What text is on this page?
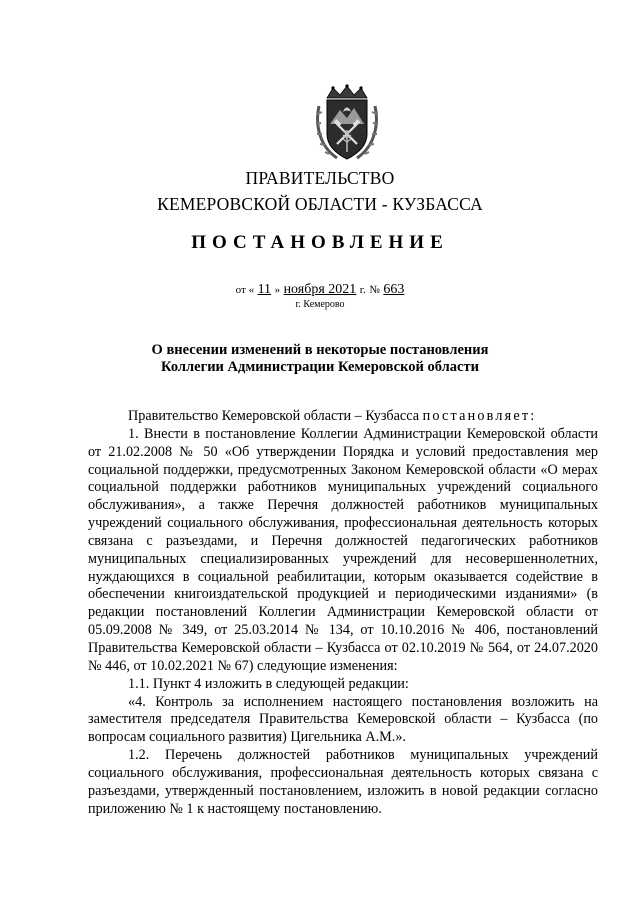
ПРАВИТЕЛЬСТВО
КЕМЕРОВСКОЙ ОБЛАСТИ - КУЗБАССА
ПОСТАНОВЛЕНИЕ
от « 11 » ноября 2021 г. № 663
г. Кемерово
О внесении изменений в некоторые постановления
Коллегии Администрации Кемеровской области

Правительство Кемеровской области – Кузбасса постановляет:

1. Внести в постановление Коллегии Администрации Кемеровской области от 21.02.2008 № 50 «Об утверждении Порядка и условий предоставления мер социальной поддержки, предусмотренных Законом Кемеровской области «О мерах социальной поддержки работников муниципальных учреждений социального обслуживания», а также Перечня должностей работников муниципальных учреждений социального обслуживания, профессиональная деятельность которых связана с разъездами, и Перечня должностей педагогических работников муниципальных специализированных учреждений для несовершеннолетних, нуждающихся в социальной реабилитации, которым оказывается содействие в обеспечении книгоиздательской продукцией и периодическими изданиями» (в редакции постановлений Коллегии Администрации Кемеровской области от 05.09.2008 № 349, от 25.03.2014 № 134, от 10.10.2016 № 406, постановлений Правительства Кемеровской области – Кузбасса от 02.10.2019 № 564, от 24.07.2020 № 446, от 10.02.2021 № 67) следующие изменения:

1.1. Пункт 4 изложить в следующей редакции:

«4. Контроль за исполнением настоящего постановления возложить на заместителя председателя Правительства Кемеровской области – Кузбасса (по вопросам социального развития) Цигельника А.М.».

1.2. Перечень должностей работников муниципальных учреждений социального обслуживания, профессиональная деятельность которых связана с разъездами, утвержденный постановлением, изложить в новой редакции согласно приложению № 1 к настоящему постановлению.
